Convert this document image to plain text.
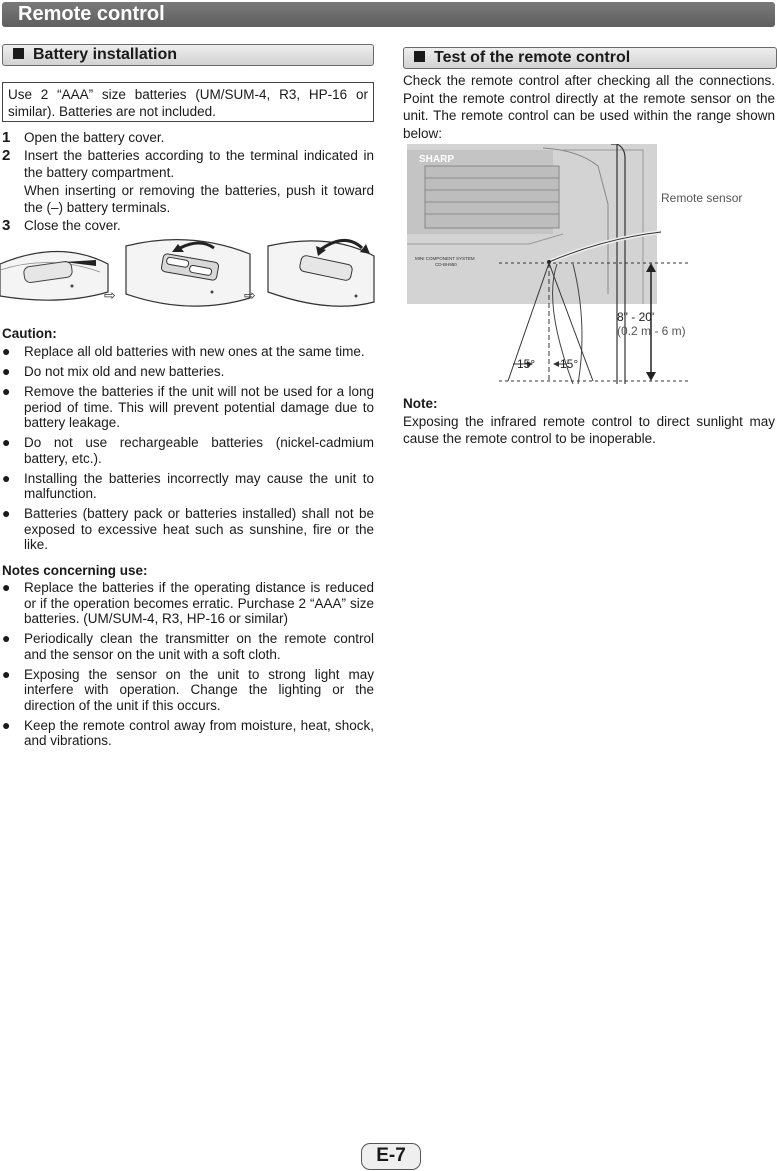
Remote control
Battery installation
Use 2 “AAA” size batteries (UM/SUM-4, R3, HP-16 or similar). Batteries are not included.
1	Open the battery cover.
2	Insert the batteries according to the terminal indicated in the battery compartment.
When inserting or removing the batteries, push it toward the (–) battery terminals.
3	Close the cover.
⇨	⇨
Caution:
●	Replace all old batteries with new ones at the same time.
●	Do not mix old and new batteries.
●	Remove the batteries if the unit will not be used for a long period of time. This will prevent potential damage due to battery leakage.
●	Do not use rechargeable batteries (nickel-cadmium battery, etc.).
●	Installing the batteries incorrectly may cause the unit to malfunction.
●	Batteries (battery pack or batteries installed) shall not be exposed to excessive heat such as sunshine, fire or the like.
Notes concerning use:
●	Replace the batteries if the operating distance is reduced or if the operation becomes erratic. Purchase 2 “AAA” size batteries. (UM/SUM-4, R3, HP-16 or similar)
●	Periodically clean the transmitter on the remote control and the sensor on the unit with a soft cloth.
●	Exposing the sensor on the unit to strong light may interfere with operation. Change the lighting or the direction of the unit if this occurs.
●	Keep the remote control away from moisture, heat, shock, and vibrations.
Test of the remote control
Check the remote control after checking all the connections. Point the remote control directly at the remote sensor on the unit. The remote control can be used within the range shown below:
SHARP
MINI COMPONENT SYSTEM
CD-BH950
Remote sensor
15° 15°
8" - 20'
(0.2 m - 6 m)
Note:
Exposing the infrared remote control to direct sunlight may cause the remote control to be inoperable.
E-7
